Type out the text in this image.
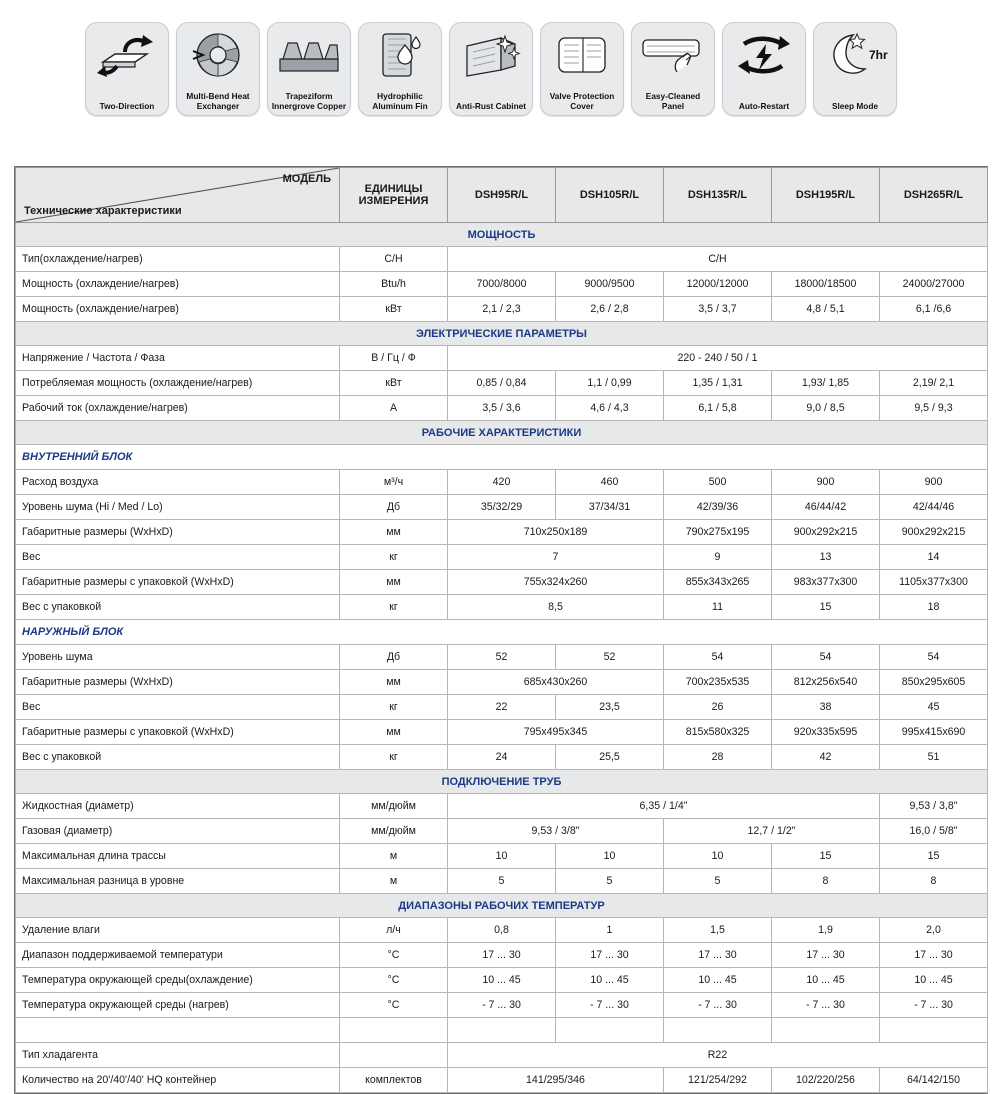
Two-Direction
Multi-Bend Heat Exchanger
Trapeziform Innergrove Copper
Hydrophilic Aluminum Fin	Anti-Rust Cabinet
Valve Protection Cover
Easy-Cleaned Panel	Auto-Restart
7hr
Sleep Mode
МОДЕЛЬ
Технические характеристики	ЕДИНИЦЫ ИЗМЕРЕНИЯ	DSH95R/L	DSH105R/L	DSH135R/L	DSH195R/L	DSH265R/L
МОЩНОСТЬ						
Тип(охлаждение/нагрев)	С/Н	С/Н				
Мощность (охлаждение/нагрев)	Btu/h	7000/8000	9000/9500	12000/12000	18000/18500	24000/27000
Мощность (охлаждение/нагрев)	кВт	2,1 / 2,3	2,6 / 2,8	3,5 / 3,7	4,8 / 5,1	6,1 /6,6
ЭЛЕКТРИЧЕСКИЕ ПАРАМЕТРЫ						
Напряжение / Частота / Фаза	В / Гц / Ф	220 - 240 / 50 / 1				
Потребляемая мощность (охлаждение/нагрев)	кВт	0,85 / 0,84	1,1 / 0,99	1,35 / 1,31	1,93/ 1,85	2,19/ 2,1
Рабочий ток (охлаждение/нагрев)	А	3,5 / 3,6	4,6 / 4,3	6,1 / 5,8	9,0 / 8,5	9,5 / 9,3
РАБОЧИЕ ХАРАКТЕРИСТИКИ						
ВНУТРЕННИЙ БЛОК						
Расход воздуха	м³/ч	420	460	500	900	900
Уровень шума (Hi / Med / Lo)	Дб	35/32/29	37/34/31	42/39/36	46/44/42	42/44/46
Габаритные размеры (WxHxD)	мм	710x250x189		790x275x195	900x292x215	900x292x215
Вес	кг	7		9	13	14
Габаритные размеры с упаковкой (WxHxD)	мм	755x324x260		855x343x265	983x377x300	1105x377x300
Вес с упаковкой	кг	8,5		11	15	18
НАРУЖНЫЙ БЛОК						
Уровень шума	Дб	52	52	54	54	54
Габаритные размеры (WxHxD)	мм	685x430x260		700x235x535	812x256x540	850x295x605
Вес	кг	22	23,5	26	38	45
Габаритные размеры с упаковкой (WxHxD)	мм	795x495x345		815x580x325	920x335x595	995x415x690
Вес с упаковкой	кг	24	25,5	28	42	51
ПОДКЛЮЧЕНИЕ ТРУБ						
Жидкостная (диаметр)	мм/дюйм	6,35 / 1/4"				9,53 / 3,8"
Газовая (диаметр)	мм/дюйм	9,53 / 3/8"		12,7 / 1/2"		16,0 / 5/8"
Максимальная длина трассы	м	10	10	10	15	15
Максимальная разница в уровне	м	5	5	5	8	8
ДИАПАЗОНЫ РАБОЧИХ ТЕМПЕРАТУР						
Удаление влаги	л/ч	0,8	1	1,5	1,9	2,0
Диапазон поддерживаемой температури	°С	17 ... 30	17 ... 30	17 ... 30	17 ... 30	17 ... 30
Температура окружающей среды(охлаждение)	°С	10 ... 45	10 ... 45	10 ... 45	10 ... 45	10 ... 45
Температура окружающей среды (нагрев)	°С	- 7 ... 30	- 7 ... 30	- 7 ... 30	- 7 ... 30	- 7 ... 30

Тип хладагента		R22				
Количество на 20'/40'/40' HQ контейнер	комплектов	141/295/346		121/254/292	102/220/256	64/142/150
